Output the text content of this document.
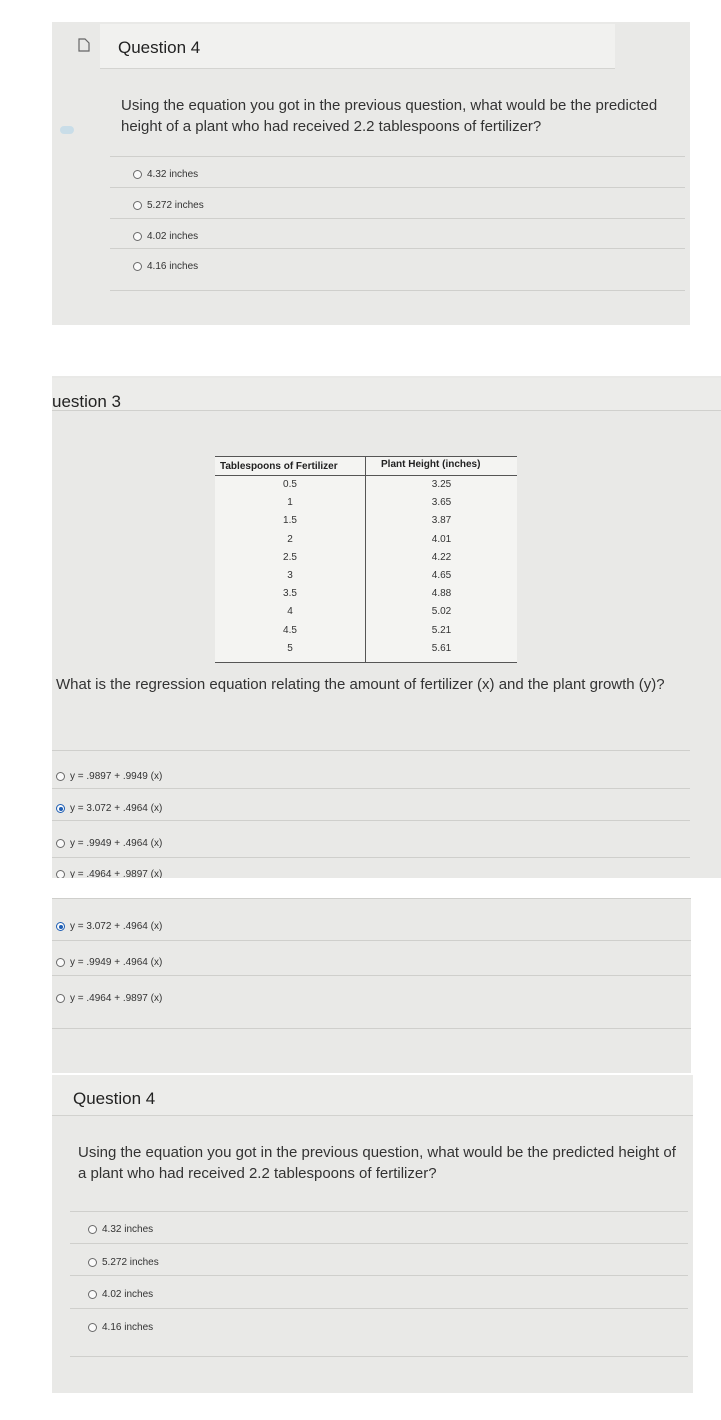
Question 4
Using the equation you got in the previous question, what would be the predicted height of a plant who had received 2.2 tablespoons of fertilizer?
4.32 inches
5.272 inches
4.02 inches
4.16 inches
uestion 3
Tablespoons of Fertilizer	Plant Height (inches)
0.5	3.25
1	3.65
1.5	3.87
2	4.01
2.5	4.22
3	4.65
3.5	4.88
4	5.02
4.5	5.21
5	5.61
What is the regression equation relating the amount of fertilizer (x) and the plant growth (y)?
y = .9897 + .9949 (x)
y = 3.072 + .4964 (x)
y = .9949 + .4964 (x)
y = .4964 + .9897 (x)
y = 3.072 + .4964 (x)
y = .9949 + .4964 (x)
y = .4964 + .9897 (x)
Question 4
Using the equation you got in the previous question, what would be the predicted height of a plant who had received 2.2 tablespoons of fertilizer?
4.32 inches
5.272 inches
4.02 inches
4.16 inches
